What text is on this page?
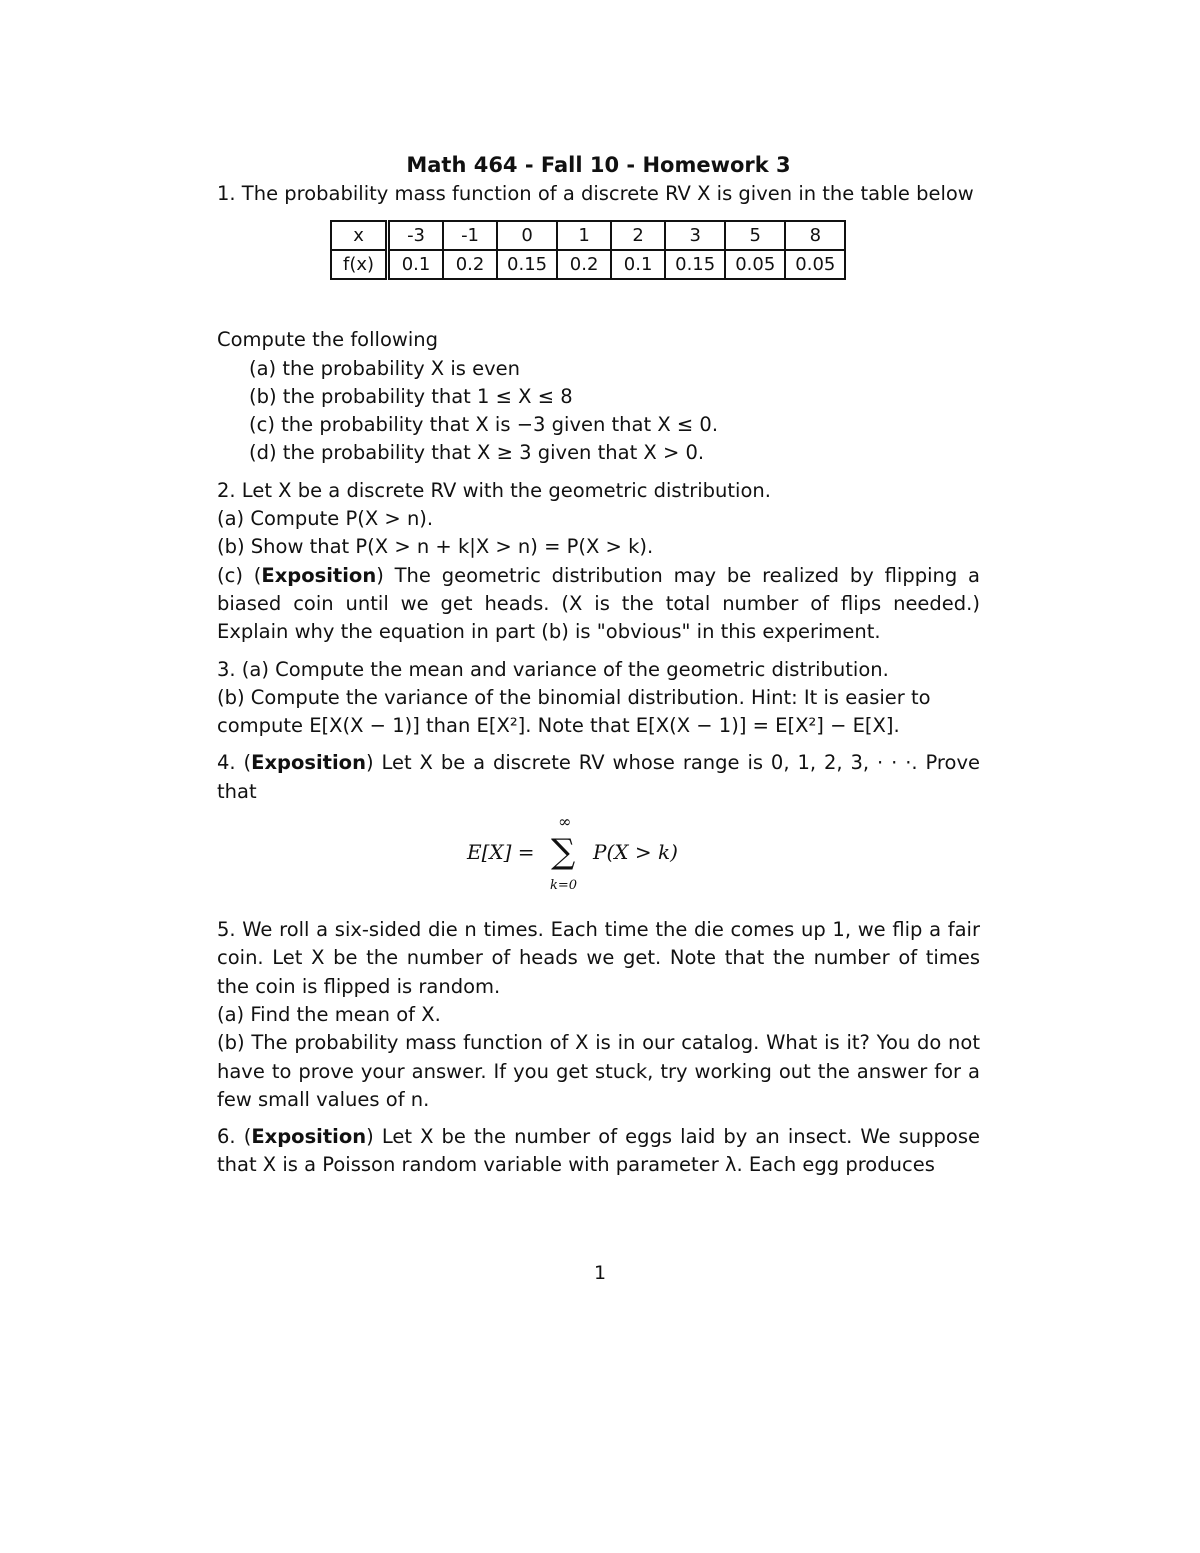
Math 464 - Fall 10 - Homework 3

1. The probability mass function of a discrete RV X is given in the table below

x	-3	-1	0	1	2	3	5	8
f(x)	0.1	0.2	0.15	0.2	0.1	0.15	0.05	0.05

Compute the following

(a) the probability X is even

(b) the probability that 1 ≤ X ≤ 8

(c) the probability that X is −3 given that X ≤ 0.

(d) the probability that X ≥ 3 given that X > 0.

2. Let X be a discrete RV with the geometric distribution.

(a) Compute P(X > n).

(b) Show that P(X > n + k|X > n) = P(X > k).

(c) (Exposition) The geometric distribution may be realized by flipping a biased coin until we get heads. (X is the total number of flips needed.) Explain why the equation in part (b) is "obvious" in this experiment.

3. (a) Compute the mean and variance of the geometric distribution.

(b) Compute the variance of the binomial distribution. Hint: It is easier to

compute E[X(X − 1)] than E[X²]. Note that E[X(X − 1)] = E[X²] − E[X].

4. (Exposition) Let X be a discrete RV whose range is 0, 1, 2, 3, · · ·. Prove that

E[X] =
∞
∑
k=0
P(X > k)

5. We roll a six-sided die n times. Each time the die comes up 1, we flip a fair coin. Let X be the number of heads we get. Note that the number of times the coin is flipped is random.

(a) Find the mean of X.

(b) The probability mass function of X is in our catalog. What is it? You do not have to prove your answer. If you get stuck, try working out the answer for a few small values of n.

6. (Exposition) Let X be the number of eggs laid by an insect. We suppose that X is a Poisson random variable with parameter λ. Each egg produces

1
